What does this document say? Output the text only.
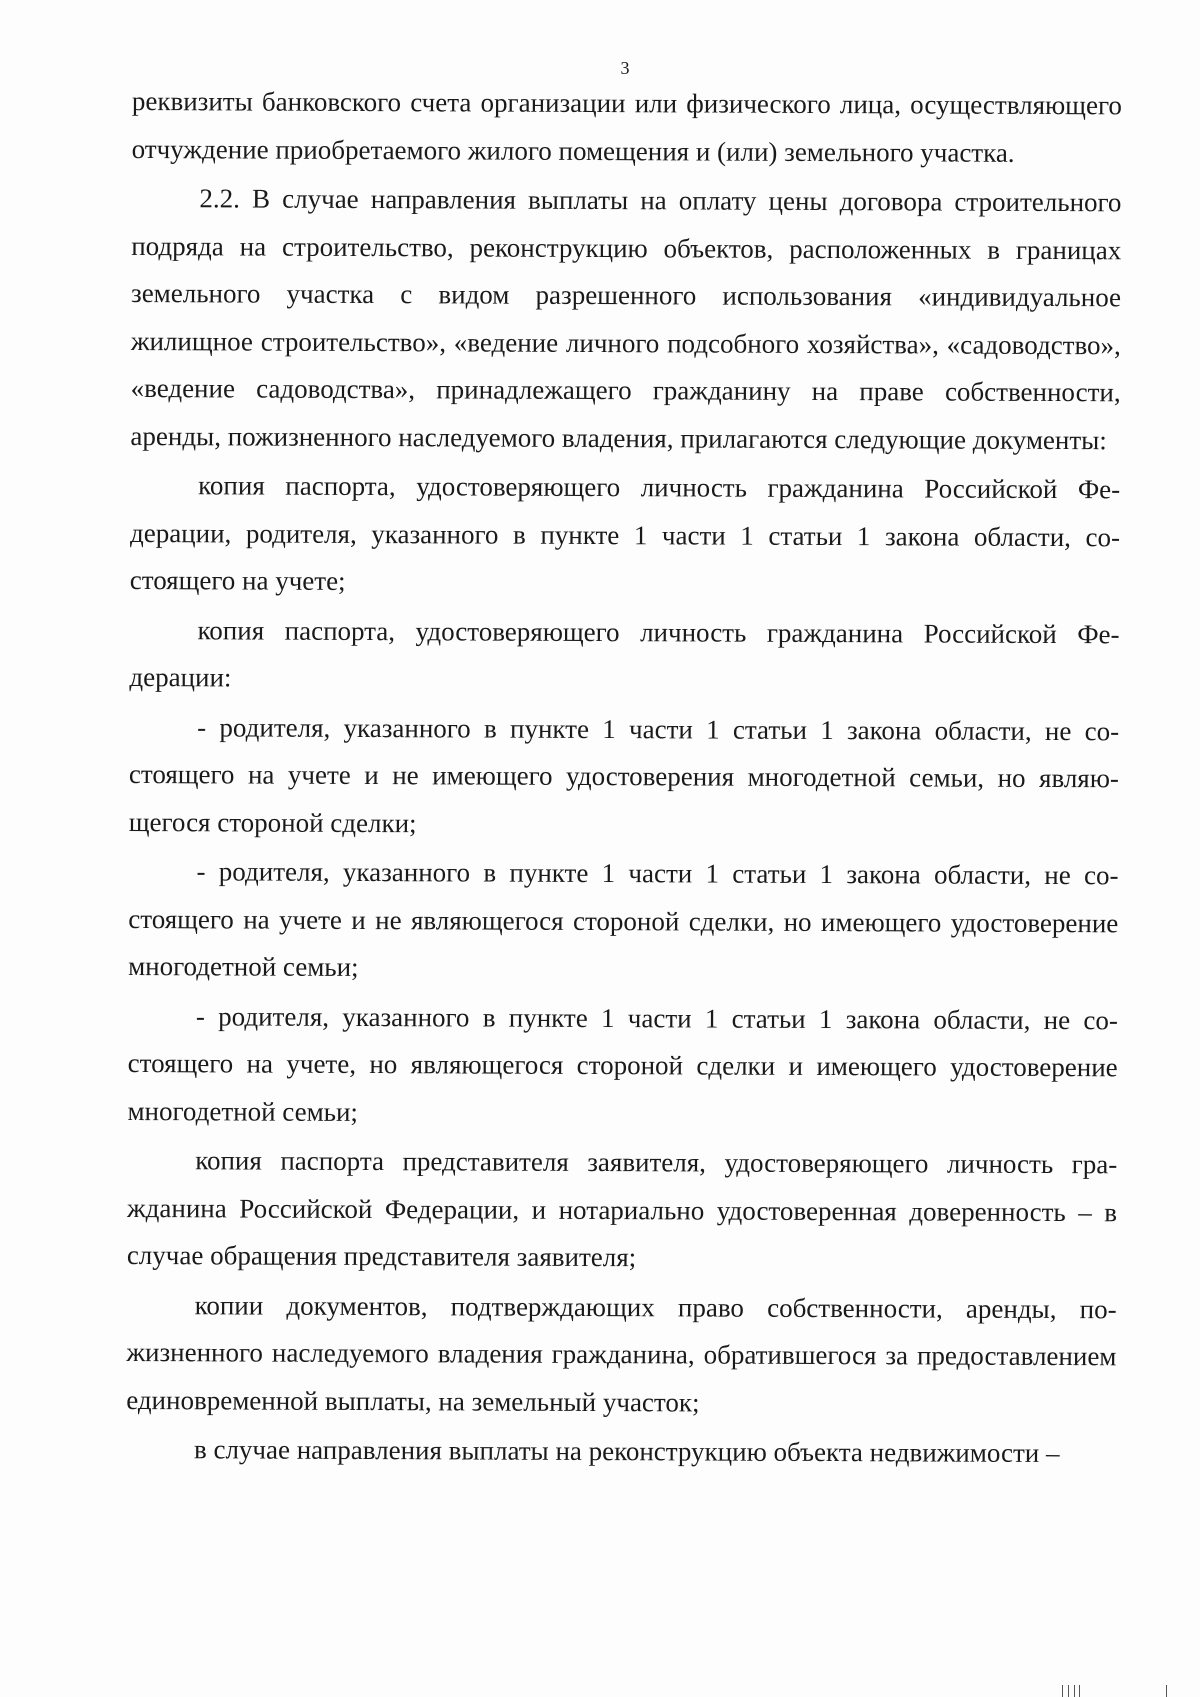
3

реквизиты банковского счета организации или физического лица, осуществляющего отчуждение приобретаемого жилого помещения и (или) земельного участка.

2.2. В случае направления выплаты на оплату цены договора строительного подряда на строительство, реконструкцию объектов, расположенных в границах земельного участка с видом разрешенного использования «индивидуальное жилищное строительство», «ведение личного подсобного хозяйства», «садоводство», «ведение садоводства», принадлежащего гражданину на праве собственности, аренды, пожизненного наследуемого владения, прилагаются следующие документы:

копия паспорта, удостоверяющего личность гражданина Российской Федерации, родителя, указанного в пункте 1 части 1 статьи 1 закона области, состоящего на учете;

копия паспорта, удостоверяющего личность гражданина Российской Федерации:

- родителя, указанного в пункте 1 части 1 статьи 1 закона области, не состоящего на учете и не имеющего удостоверения многодетной семьи, но являющегося стороной сделки;

- родителя, указанного в пункте 1 части 1 статьи 1 закона области, не состоящего на учете и не являющегося стороной сделки, но имеющего удостоверение многодетной семьи;

- родителя, указанного в пункте 1 части 1 статьи 1 закона области, не состоящего на учете, но являющегося стороной сделки и имеющего удостоверение многодетной семьи;

копия паспорта представителя заявителя, удостоверяющего личность гражданина Российской Федерации, и нотариально удостоверенная доверенность – в случае обращения представителя заявителя;

копии документов, подтверждающих право собственности, аренды, пожизненного наследуемого владения гражданина, обратившегося за предоставлением единовременной выплаты, на земельный участок;

в случае направления выплаты на реконструкцию объекта недвижимости –
